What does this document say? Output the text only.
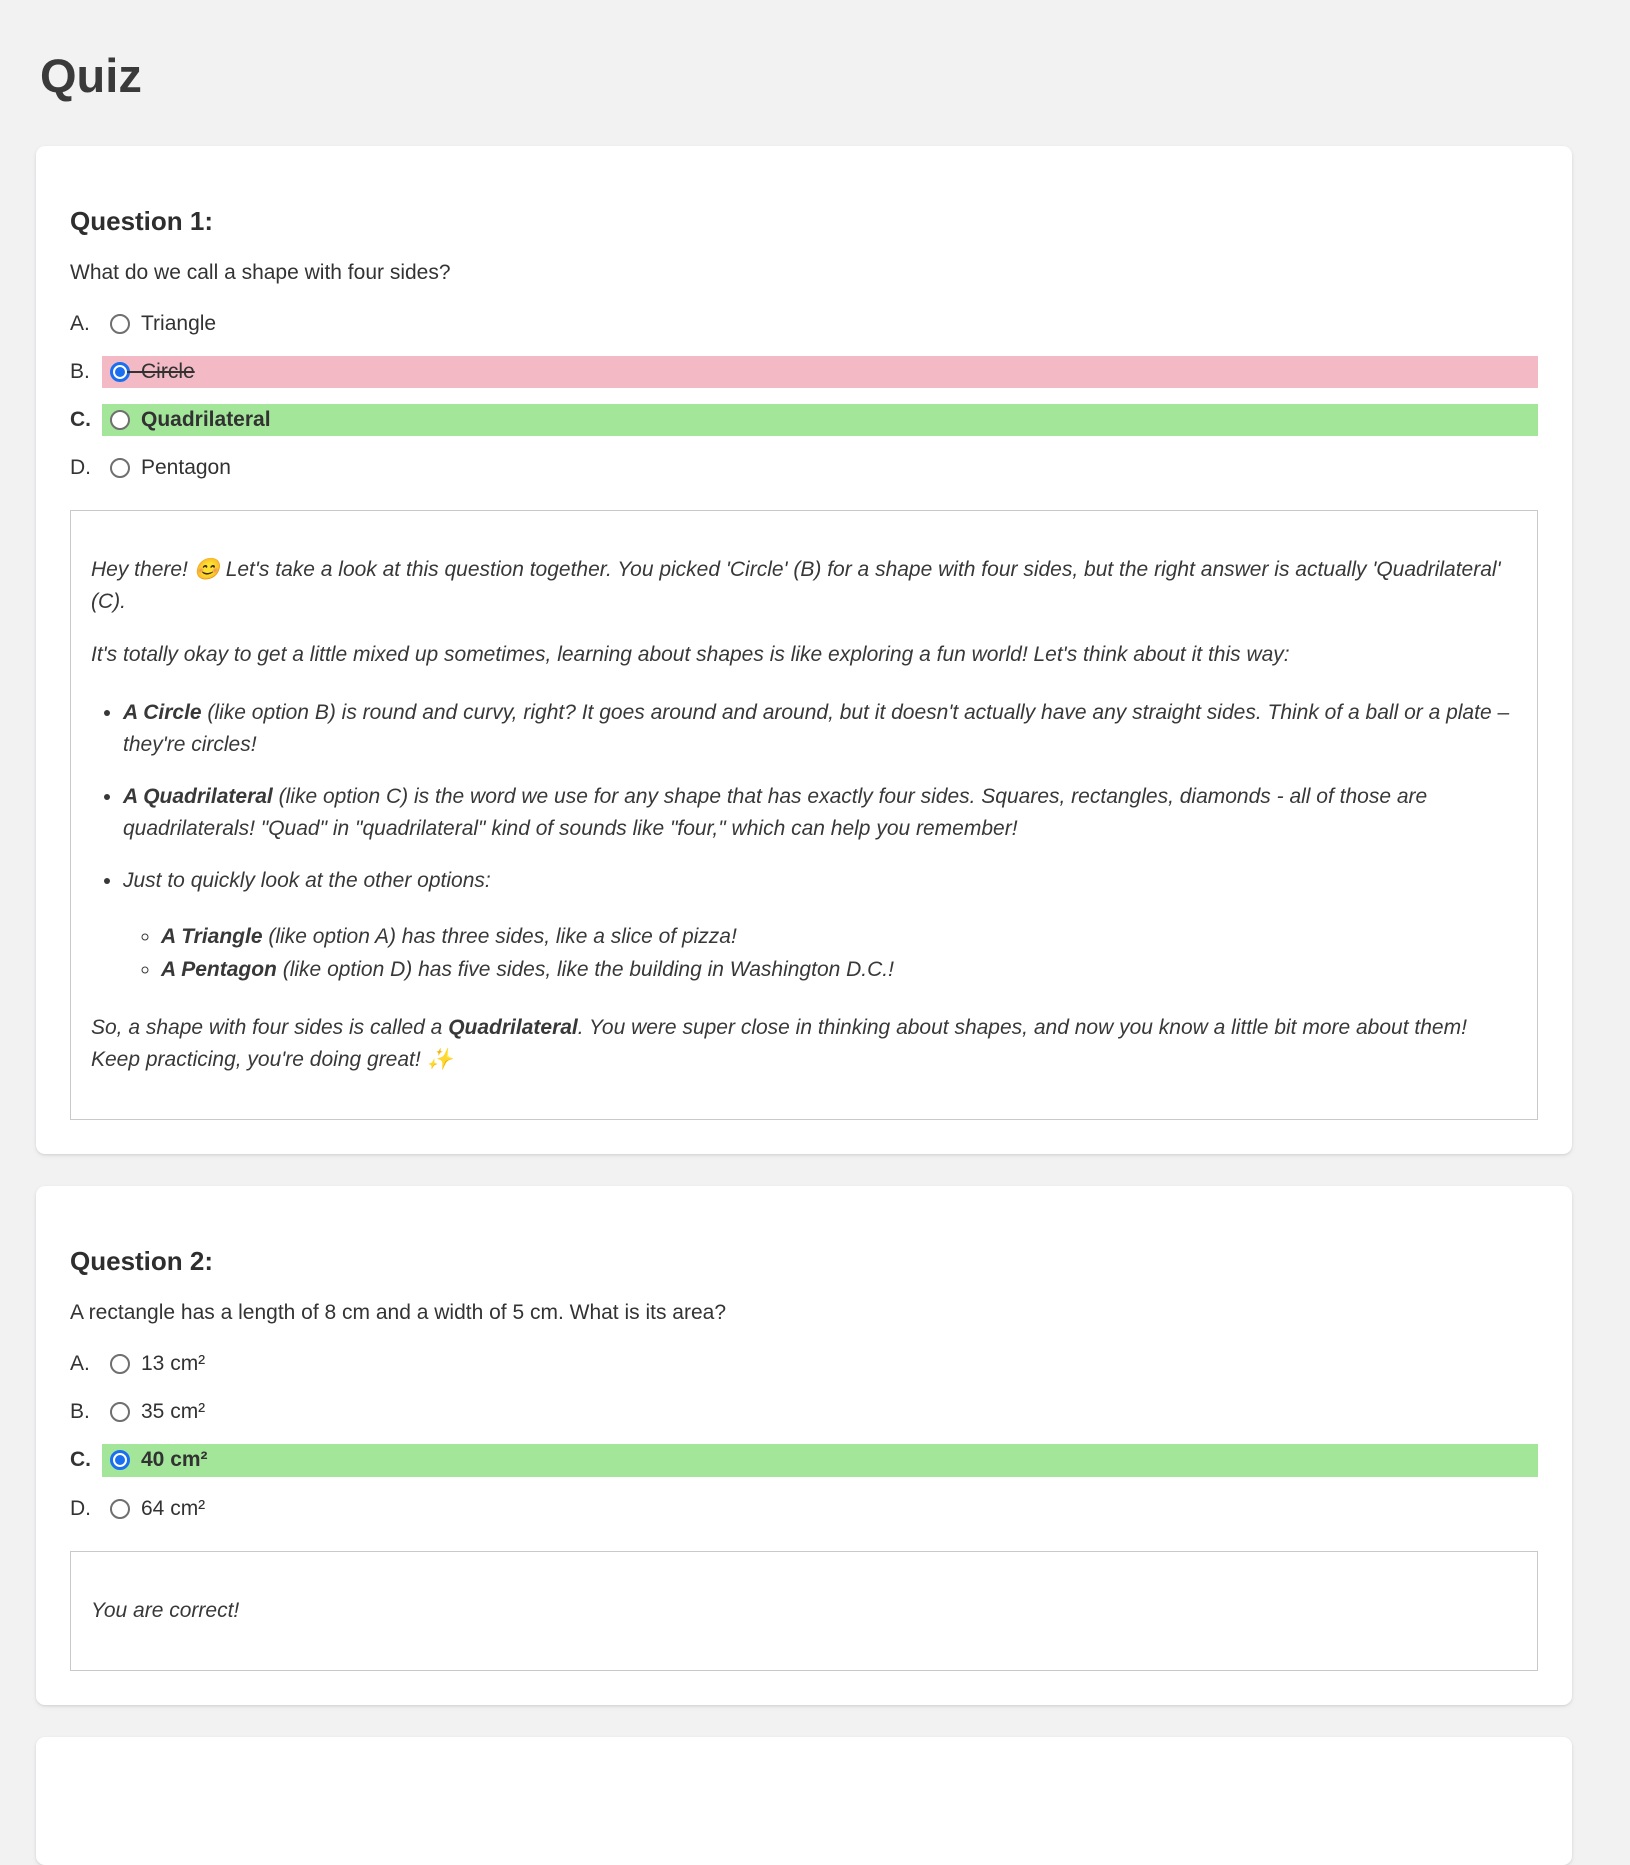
Quiz
Question 1:

What do we call a shape with four sides?

A.	Triangle
B.	Circle
C.	Quadrilateral
D.	Pentagon

Hey there! 😊 Let's take a look at this question together. You picked 'Circle' (B) for a shape with four sides, but the right answer is actually 'Quadrilateral' (C).

It's totally okay to get a little mixed up sometimes, learning about shapes is like exploring a fun world! Let's think about it this way:

• A Circle (like option B) is round and curvy, right? It goes around and around, but it doesn't actually have any straight sides. Think of a ball or a plate – they're circles!
• A Quadrilateral (like option C) is the word we use for any shape that has exactly four sides. Squares, rectangles, diamonds - all of those are quadrilaterals! "Quad" in "quadrilateral" kind of sounds like "four," which can help you remember!
• Just to quickly look at the other options:
◦ A Triangle (like option A) has three sides, like a slice of pizza!
◦ A Pentagon (like option D) has five sides, like the building in Washington D.C.!

So, a shape with four sides is called a Quadrilateral. You were super close in thinking about shapes, and now you know a little bit more about them! Keep practicing, you're doing great! ✨

Question 2:

A rectangle has a length of 8 cm and a width of 5 cm. What is its area?

A.	13 cm²
B.	35 cm²
C.	40 cm²
D.	64 cm²

You are correct!
